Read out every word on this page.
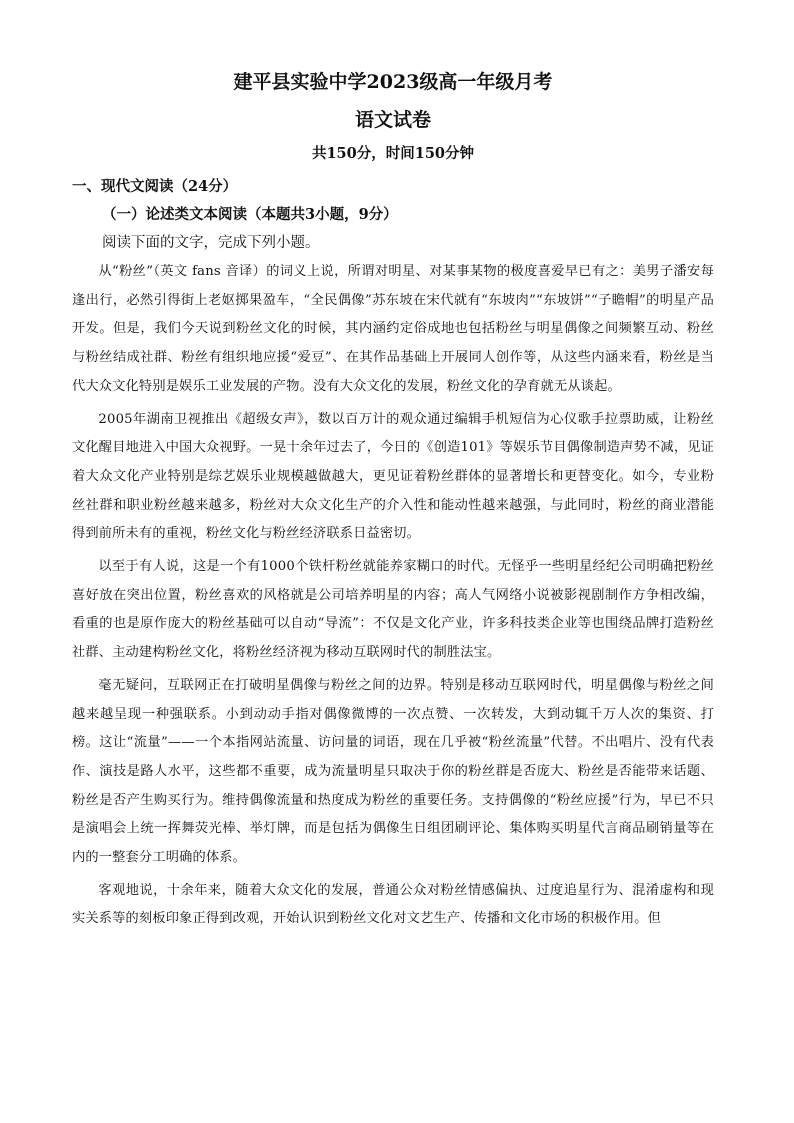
建平县实验中学2023级高一年级月考
语文试卷
共150分，时间150分钟
一、现代文阅读（24分）
（一）论述类文本阅读（本题共3小题，9分）
阅读下面的文字，完成下列小题。

从“粉丝”（英文 fans 音译）的词义上说，所谓对明星、对某事某物的极度喜爱早已有之：美男子潘安每逢出行，必然引得街上老妪掷果盈车，“全民偶像”苏东坡在宋代就有“东坡肉”“东坡饼”“子瞻帽”的明星产品开发。但是，我们今天说到粉丝文化的时候，其内涵约定俗成地也包括粉丝与明星偶像之间频繁互动、粉丝与粉丝结成社群、粉丝有组织地应援“爱豆”、在其作品基础上开展同人创作等，从这些内涵来看，粉丝是当代大众文化特别是娱乐工业发展的产物。没有大众文化的发展，粉丝文化的孕育就无从谈起。

2005年湖南卫视推出《超级女声》，数以百万计的观众通过编辑手机短信为心仪歌手拉票助威，让粉丝文化醒目地进入中国大众视野。一晃十余年过去了，今日的《创造101》等娱乐节目偶像制造声势不减，见证着大众文化产业特别是综艺娱乐业规模越做越大，更见证着粉丝群体的显著增长和更替变化。如今，专业粉丝社群和职业粉丝越来越多，粉丝对大众文化生产的介入性和能动性越来越强，与此同时，粉丝的商业潜能得到前所未有的重视，粉丝文化与粉丝经济联系日益密切。

以至于有人说，这是一个有1000个铁杆粉丝就能养家糊口的时代。无怪乎一些明星经纪公司明确把粉丝喜好放在突出位置，粉丝喜欢的风格就是公司培养明星的内容；高人气网络小说被影视剧制作方争相改编，看重的也是原作庞大的粉丝基础可以自动“导流”：不仅是文化产业，许多科技类企业等也围绕品牌打造粉丝社群、主动建构粉丝文化，将粉丝经济视为移动互联网时代的制胜法宝。

毫无疑问，互联网正在打破明星偶像与粉丝之间的边界。特别是移动互联网时代，明星偶像与粉丝之间越来越呈现一种强联系。小到动动手指对偶像微博的一次点赞、一次转发，大到动辄千万人次的集资、打榜。这让“流量”——一个本指网站流量、访问量的词语，现在几乎被“粉丝流量”代替。不出唱片、没有代表作、演技是路人水平，这些都不重要，成为流量明星只取决于你的粉丝群是否庞大、粉丝是否能带来话题、粉丝是否产生购买行为。维持偶像流量和热度成为粉丝的重要任务。支持偶像的“粉丝应援”行为，早已不只是演唱会上统一挥舞荧光棒、举灯牌，而是包括为偶像生日组团刷评论、集体购买明星代言商品刷销量等在内的一整套分工明确的体系。

客观地说，十余年来，随着大众文化的发展，普通公众对粉丝情感偏执、过度追星行为、混淆虚构和现实关系等的刻板印象正得到改观，开始认识到粉丝文化对文艺生产、传播和文化市场的积极作用。但
